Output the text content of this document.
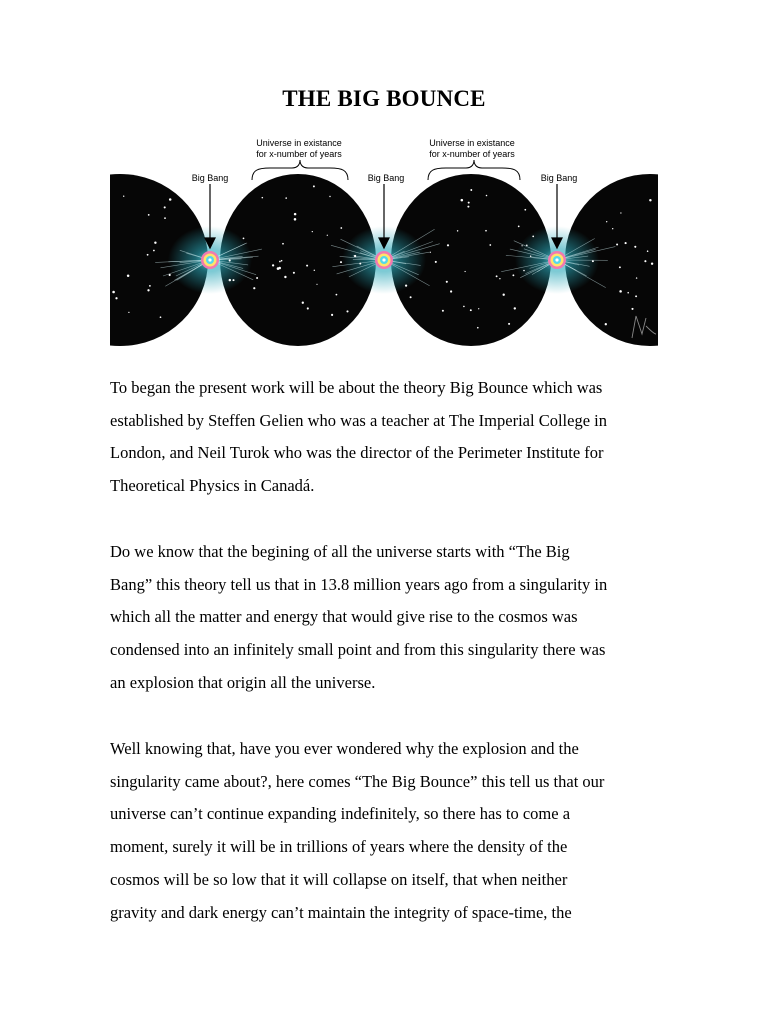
THE BIG BOUNCE
Big Bang	Big Bang	Big Bang
Universe in existance
for x-number of years
Universe in existance
for x-number of years

To began the present work will be about the theory Big Bounce which was
established by Steffen Gelien who was a teacher at The Imperial College in
London, and Neil Turok who was the director of the Perimeter Institute for
Theoretical Physics in Canadá.

Do we know that the begining of all the universe starts with “The Big
Bang” this theory tell us that in 13.8 million years ago from a singularity in
which all the matter and energy that would give rise to the cosmos was
condensed into an infinitely small point and from this singularity there was
an explosion that origin all the universe.

Well knowing that, have you ever wondered why the explosion and the
singularity came about?, here comes “The Big Bounce” this tell us that our
universe can’t continue expanding indefinitely, so there has to come a
moment, surely it will be in trillions of years where the density of the
cosmos will be so low that it will collapse on itself, that when neither
gravity and dark energy can’t maintain the integrity of space-time, the
